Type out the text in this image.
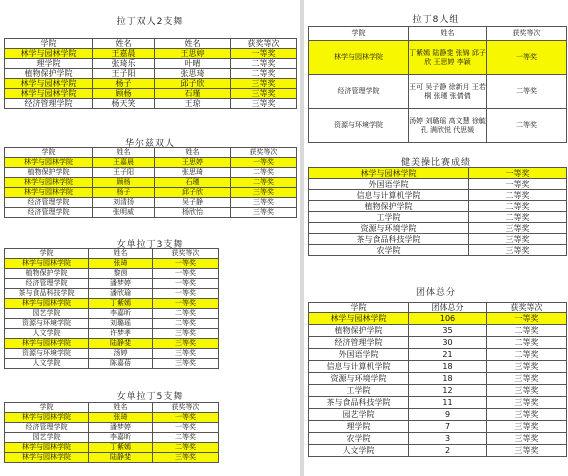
拉丁双人2支舞
学院	姓名	姓名	获奖等次
林学与园林学院	王嘉晨	王思婷	一等奖
理学院	张琦乐	叶晴	二等奖
植物保护学院	王子阳	张思琦	二等奖
林学与园林学院	杨子	邱子欣	三等奖
林学与园林学院	顾杨	石瑾	三等奖
经济管理学院	杨天笑	王琼	三等奖
华尔兹双人
学院	姓名	姓名	获奖等次
林学与园林学院	王嘉晨	王思婷	一等奖
植物保护学院	王子阳	张思琦	二等奖
林学与园林学院	顾杨	石瑾	二等奖
林学与园林学院	杨子	邱子欣	三等奖
经济管理学院	刘清扬	吴子静	三等奖
经济管理学院	张明威	杨欣怡	三等奖
女单拉丁3支舞
学院	姓名	获奖等次
林学与园林学院	张琦	一等奖
植物保护学院	黎茵	一等奖
经济管理学院	潘梦婷	一等奖
茶与食品科技学院	潘欣瑜	一等奖
林学与园林学院	丁紫嫣	一等奖
园艺学院	李嘉昕	二等奖
资源与环境学院	刘璐瑶	二等奖
人文学院	许梦孝	三等奖
林学与园林学院	陆静斐	三等奖
资源与环境学院	汤婷	三等奖
人文学院	陈嘉蓓	三等奖
女单拉丁5支舞
学院	姓名	获奖等次
林学与园林学院	张琦	一等奖
经济管理学院	潘梦婷	一等奖
园艺学院	李嘉昕	二等奖
林学与园林学院	丁紫嫣	二等奖
林学与园林学院	陆静斐	三等奖
拉丁8人组
学院	姓名	获奖等次
林学与园林学院	丁紫嫣 陆静斐 张锦 邱子欣 王思婷 李颖	一等奖
经济管理学院	王可 吴子静 徐新月 王若桐 张瑾 张倩倩	二等奖
资源与环境学院	汤婷 刘璐瑶 高文慧 徐毓孔 满欣悦 代思媛	二等奖
健美操比赛成绩
林学与园林学院	一等奖
外国语学院	一等奖
信息与计算机学院	二等奖
植物保护学院	二等奖
工学院	二等奖
资源与环境学院	三等奖
茶与食品科技学院	三等奖
农学院	三等奖
团体总分
学院	团体总分	获奖等次
林学与园林学院	106	一等奖
植物保护学院	35	二等奖
经济管理学院	30	二等奖
外国语学院	21	二等奖
信息与计算机学院	18	三等奖
资源与环境学院	18	三等奖
工学院	12	三等奖
茶与食品科技学院	11	三等奖
园艺学院	9	三等奖
理学院	7	三等奖
农学院	3	三等奖
人文学院	2	三等奖
